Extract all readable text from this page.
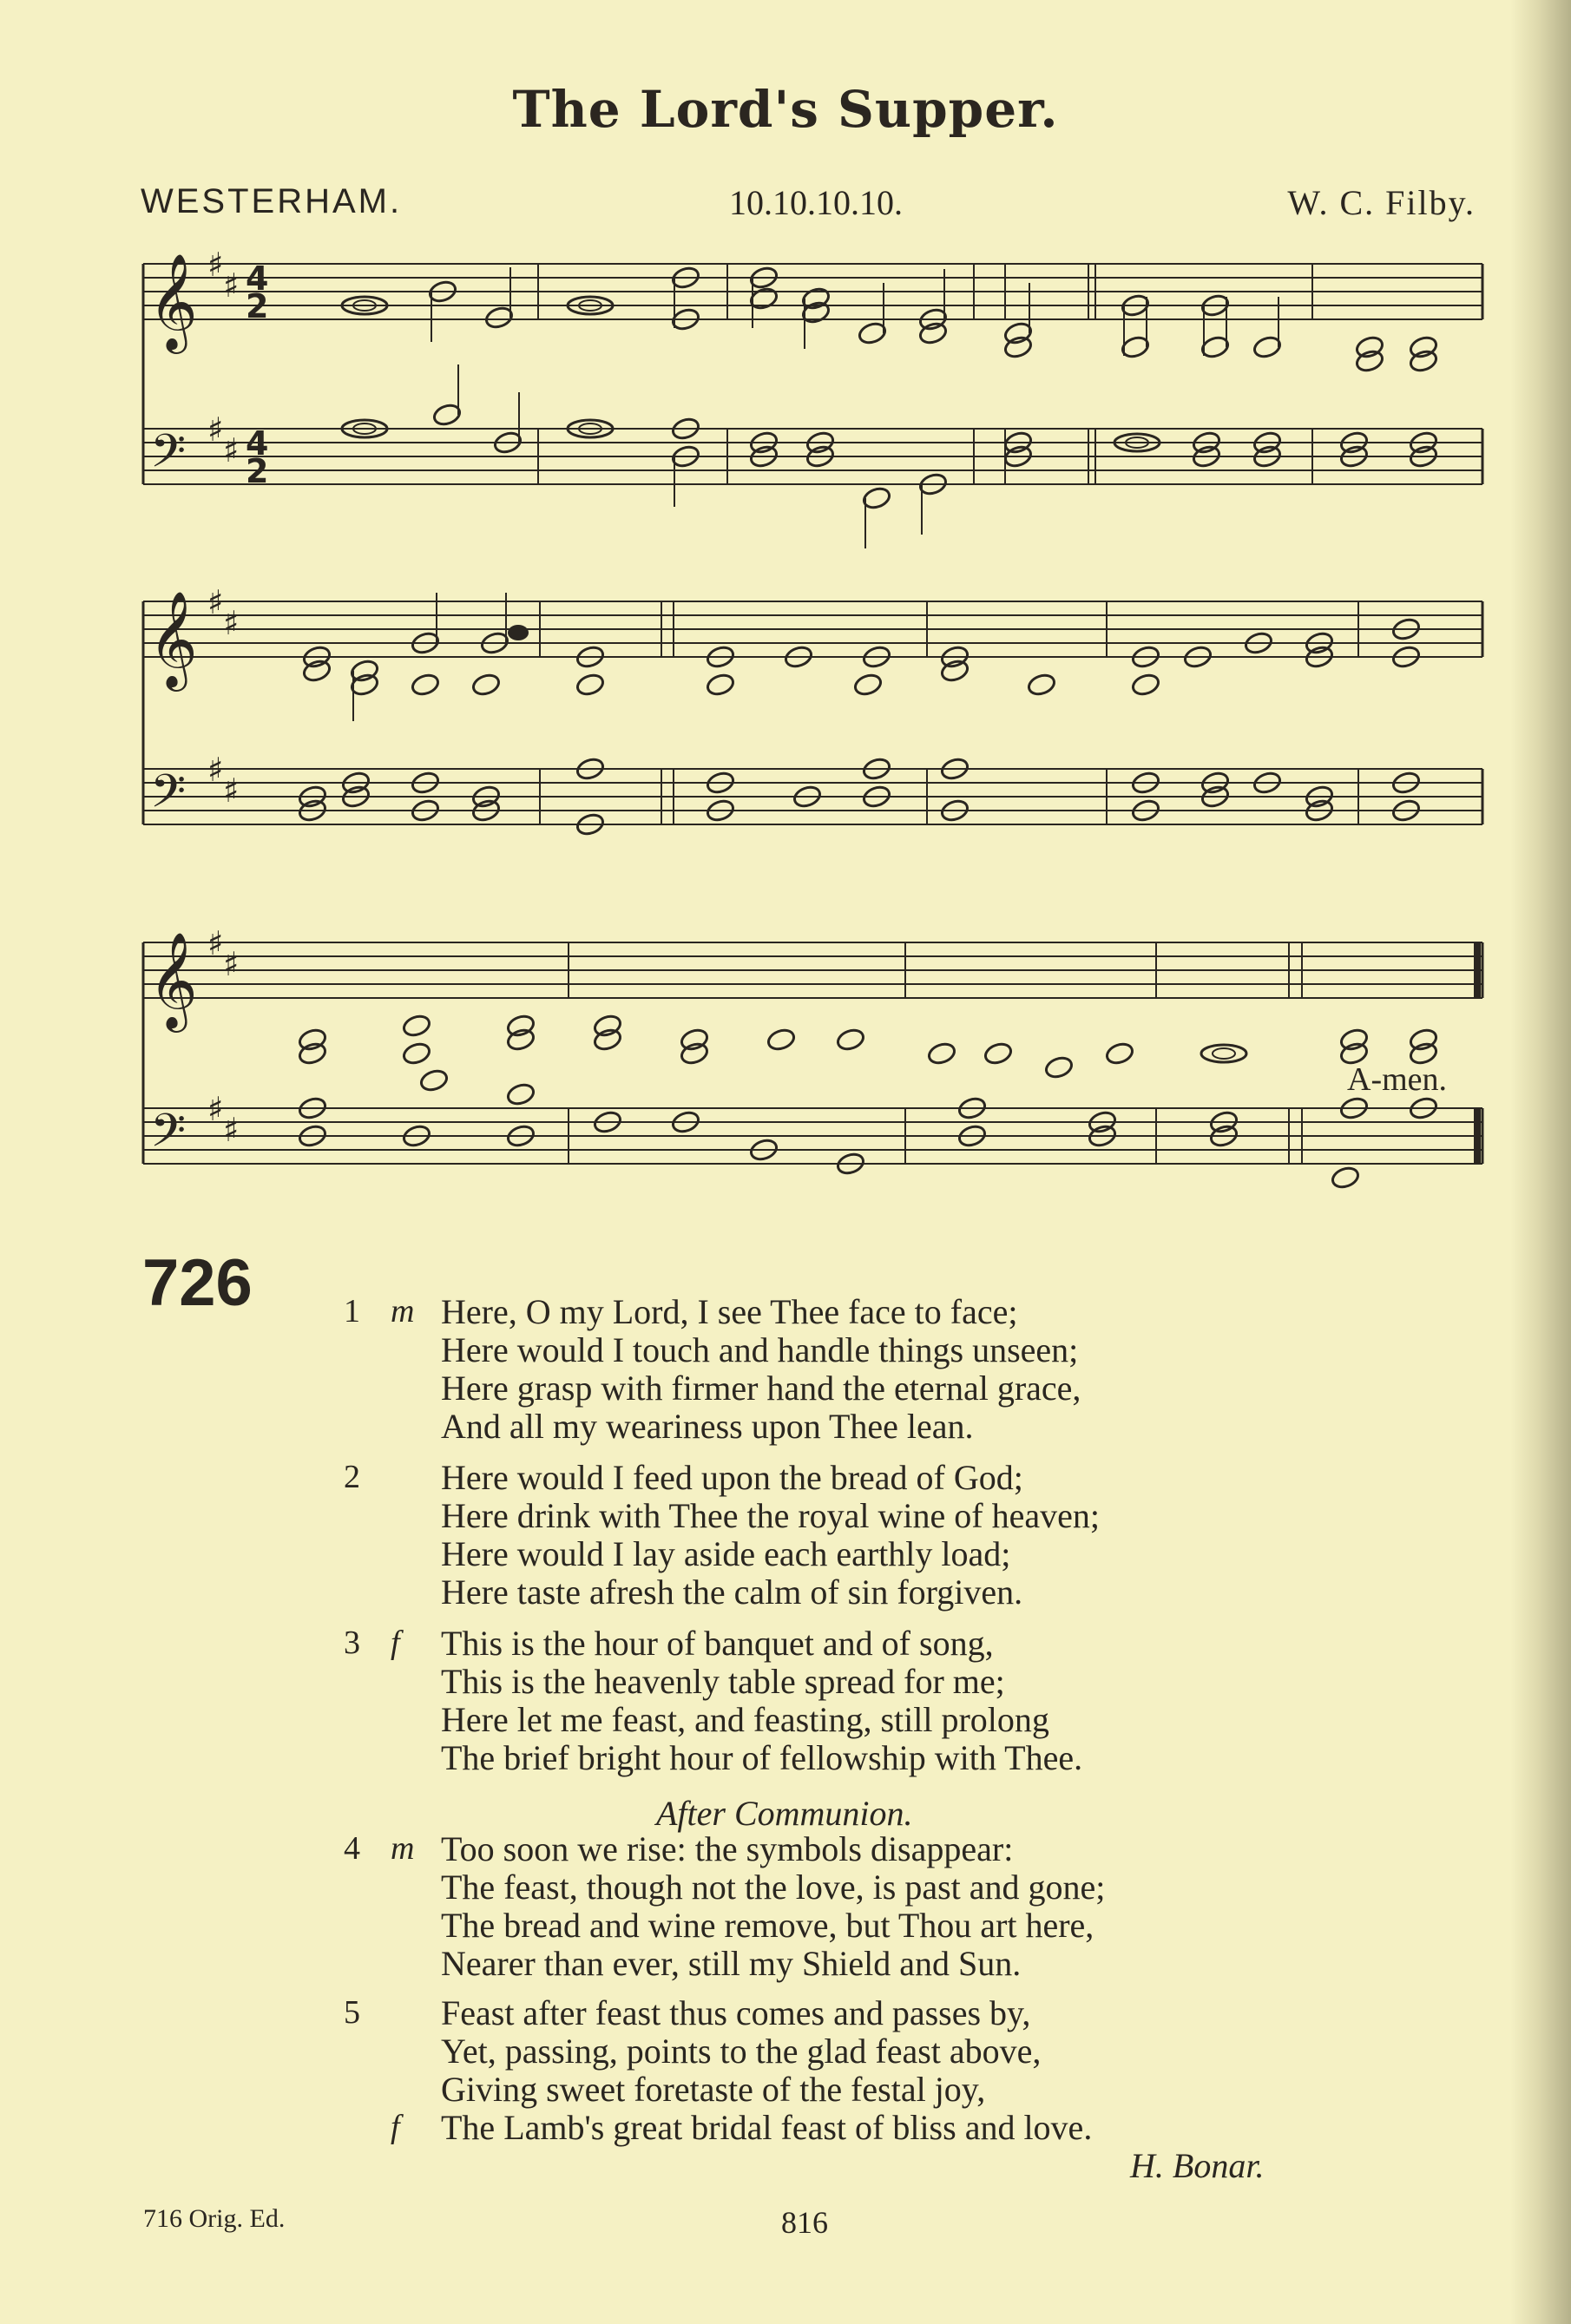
The Lord's Supper.
WESTERHAM.	10.10.10.10.	W. C. Filby.
𝄞
𝄢
♯
♯
♯
♯
4
2
4
2
𝄞
𝄢
♯
♯
♯
♯
𝄞
𝄢
♯
♯
♯
♯
A-men.
726	1 m Here, O my Lord, I see Thee face to face;
Here would I touch and handle things unseen;
Here grasp with firmer hand the eternal grace,
And all my weariness upon Thee lean.
2 Here would I feed upon the bread of God;
Here drink with Thee the royal wine of heaven;
Here would I lay aside each earthly load;
Here taste afresh the calm of sin forgiven.
3 f This is the hour of banquet and of song,
This is the heavenly table spread for me;
Here let me feast, and feasting, still prolong
The brief bright hour of fellowship with Thee.
4 m Too soon we rise: the symbols disappear:
The feast, though not the love, is past and gone;
The bread and wine remove, but Thou art here,
Nearer than ever, still my Shield and Sun.
5 Feast after feast thus comes and passes by,
Yet, passing, points to the glad feast above,
Giving sweet foretaste of the festal joy,
The Lamb's great bridal feast of bliss and love.
f
After Communion.
H. Bonar.
716 Orig. Ed.	816
